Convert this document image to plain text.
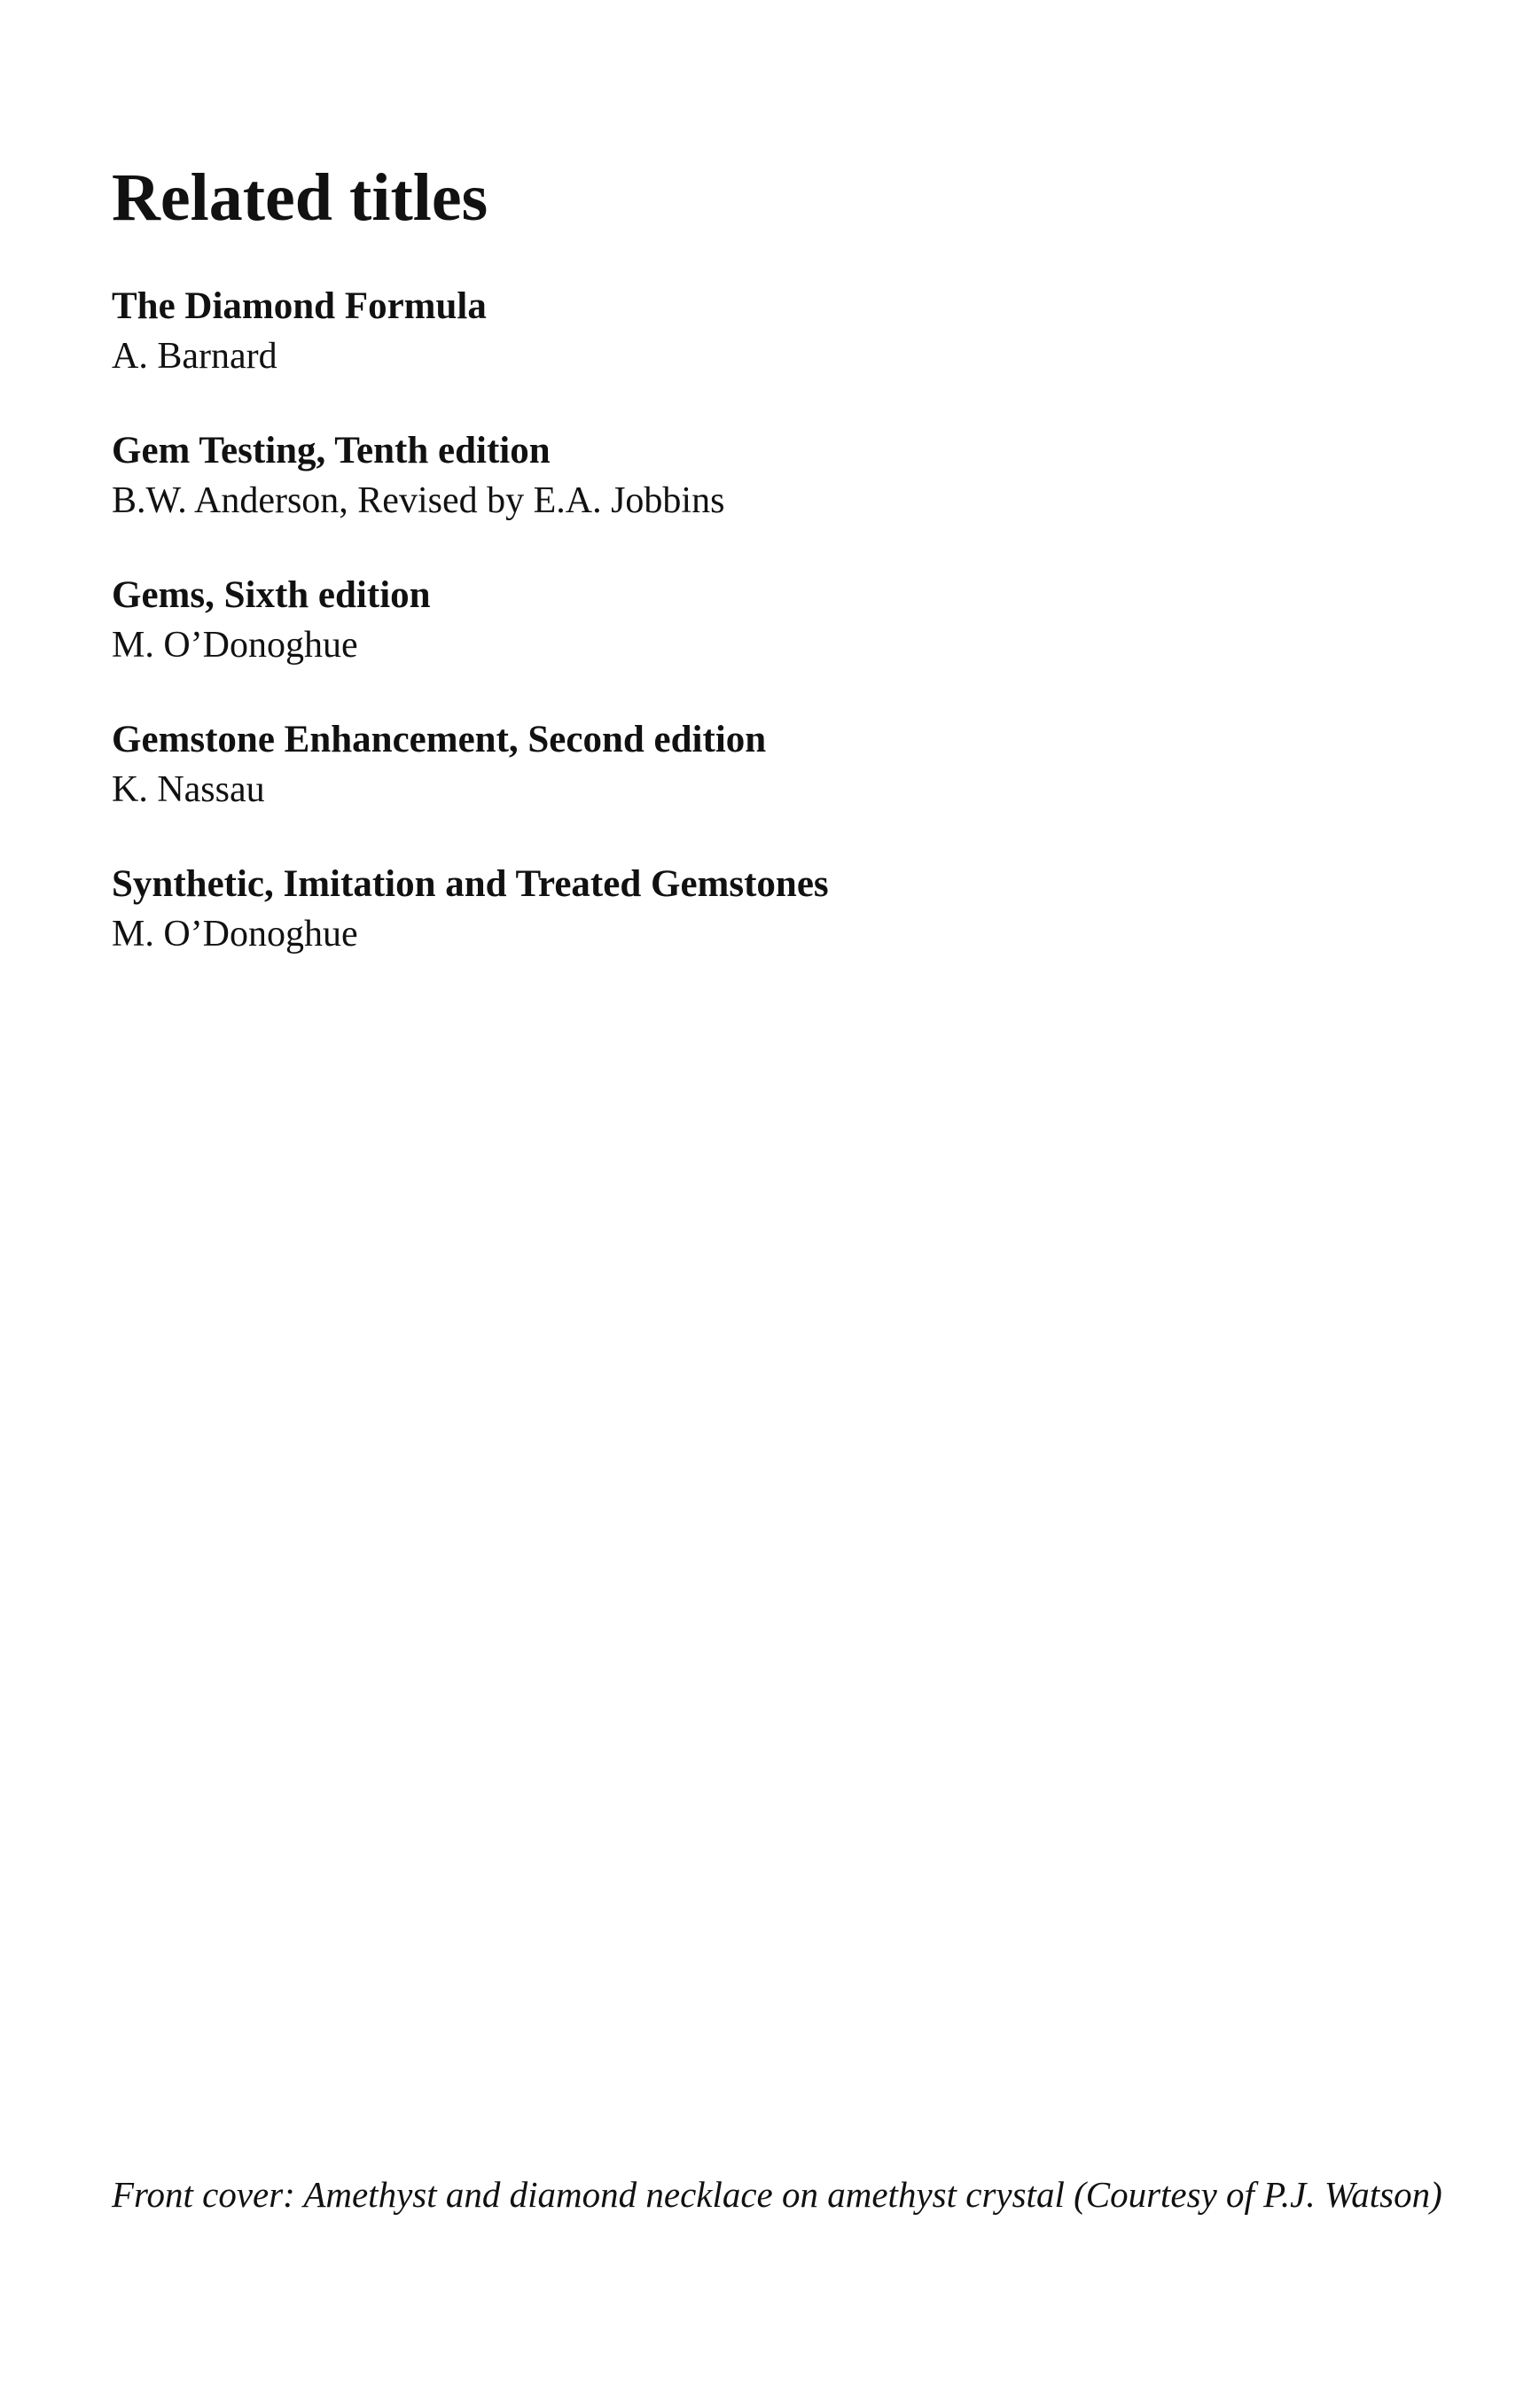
Related titles
The Diamond Formula
A. Barnard
Gem Testing, Tenth edition
B.W. Anderson, Revised by E.A. Jobbins
Gems, Sixth edition
M. O’Donoghue
Gemstone Enhancement, Second edition
K. Nassau
Synthetic, Imitation and Treated Gemstones
M. O’Donoghue

Front cover: Amethyst and diamond necklace on amethyst crystal (Courtesy of P.J. Watson)
